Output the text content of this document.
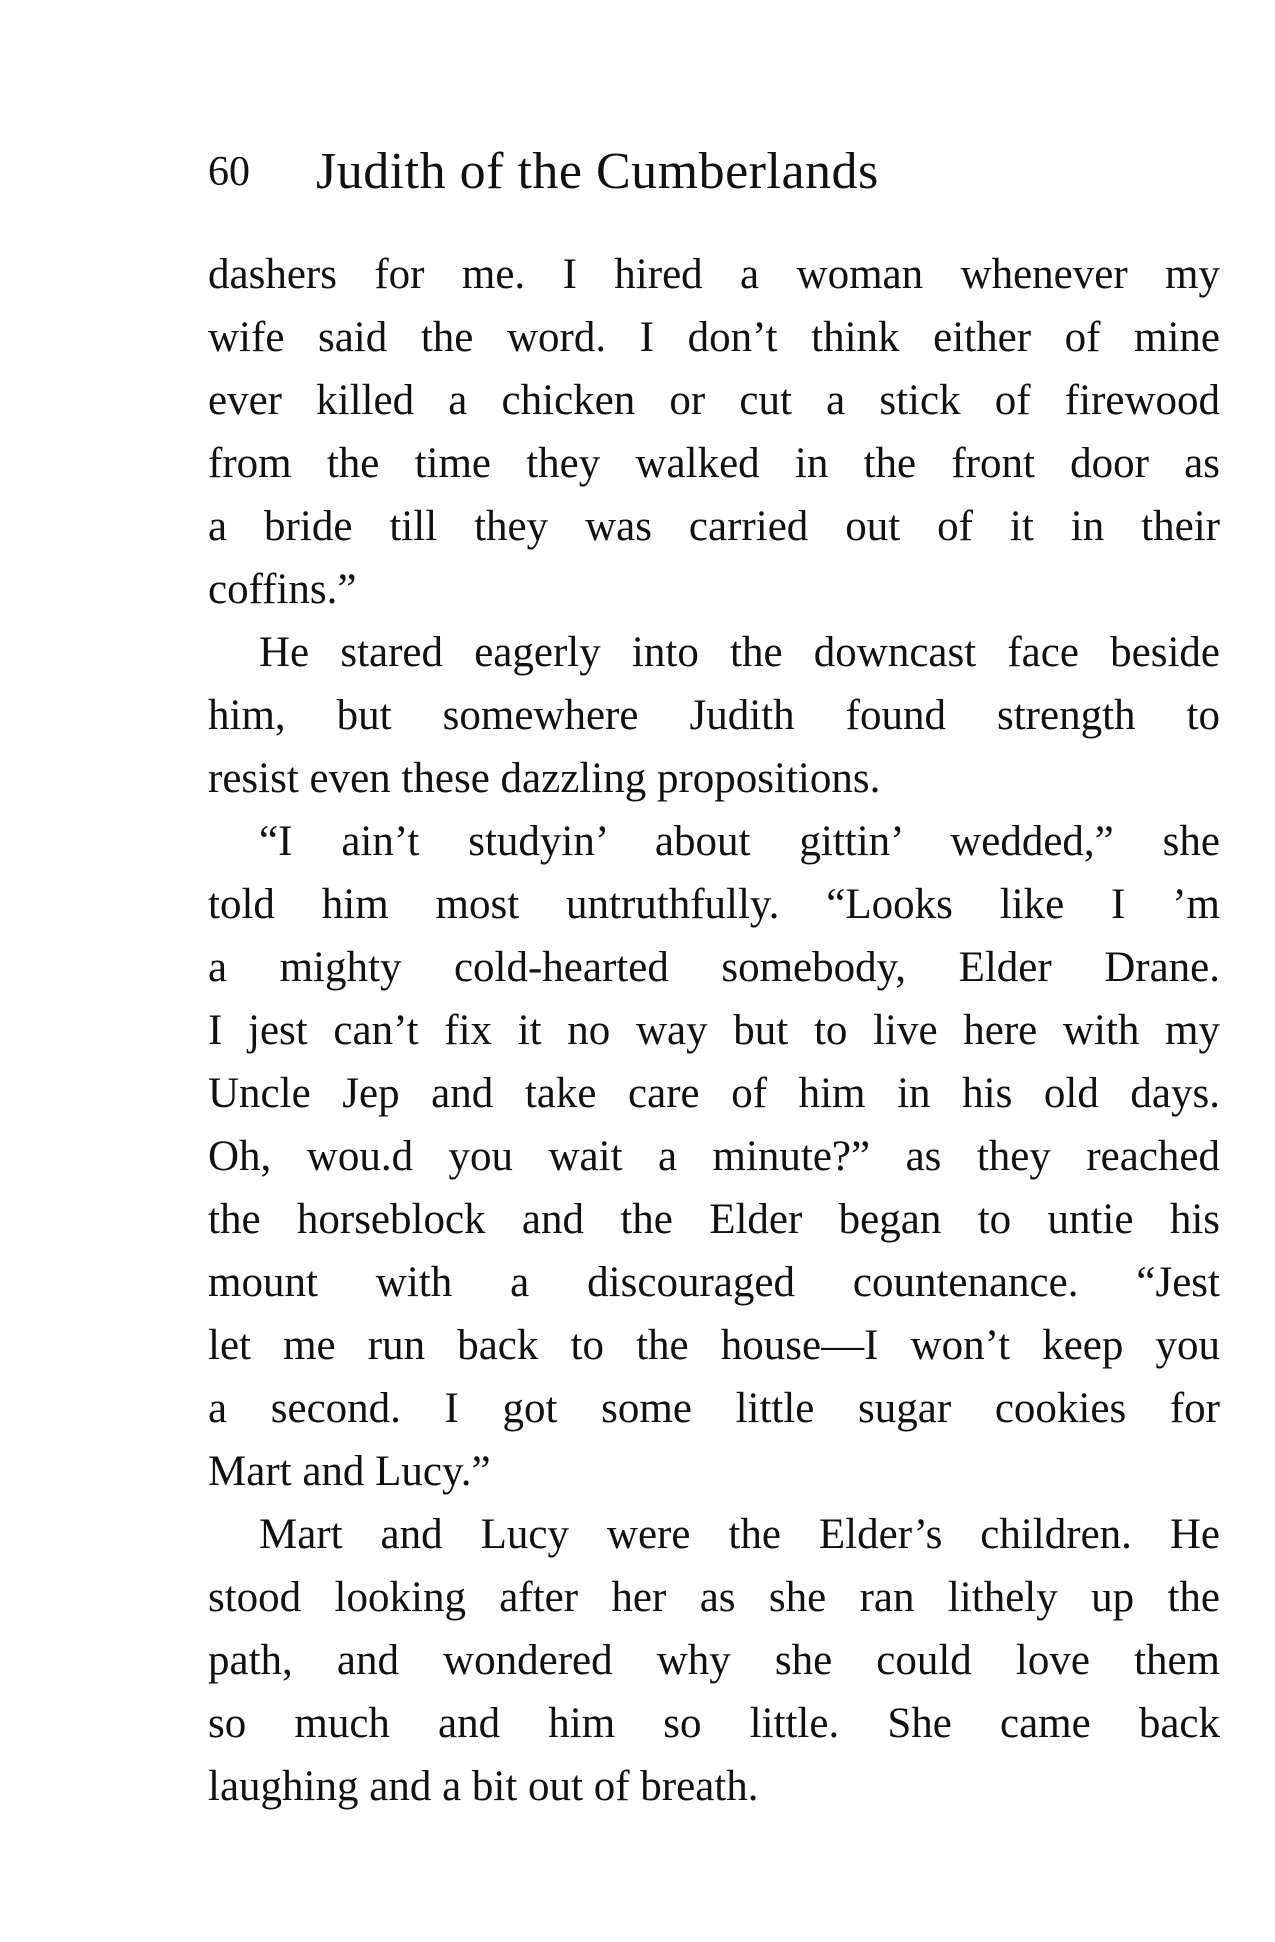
60 Judith of the Cumberlands
dashers for me. I hired a woman whenever my
wife said the word. I don’t think either of mine
ever killed a chicken or cut a stick of firewood
from the time they walked in the front door as
a bride till they was carried out of it in their
coffins.”
He stared eagerly into the downcast face beside
him, but somewhere Judith found strength to
resist even these dazzling propositions.
“I ain’t studyin’ about gittin’ wedded,” she
told him most untruthfully. “Looks like I ’m
a mighty cold-hearted somebody, Elder Drane.
I jest can’t fix it no way but to live here with my
Uncle Jep and take care of him in his old days.
Oh, wou.d you wait a minute?” as they reached
the horseblock and the Elder began to untie his
mount with a discouraged countenance. “Jest
let me run back to the house—I won’t keep you
a second. I got some little sugar cookies for
Mart and Lucy.”
Mart and Lucy were the Elder’s children. He
stood looking after her as she ran lithely up the
path, and wondered why she could love them
so much and him so little. She came back
laughing and a bit out of breath.
